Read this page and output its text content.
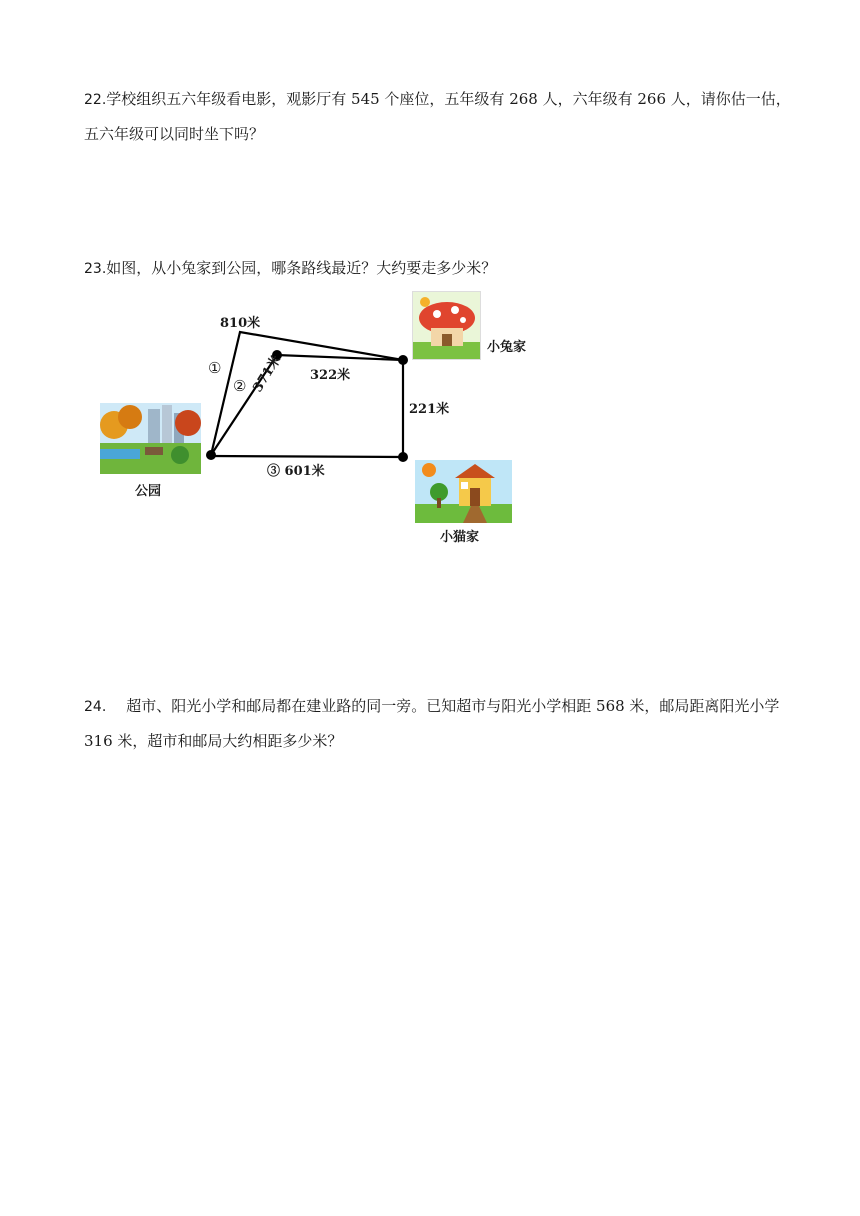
22.学校组织五六年级看电影，观影厅有 545 个座位，五年级有 268 人，六年级有 266 人，请你估一估，

五六年级可以同时坐下吗？

23.如图，从小兔家到公园，哪条路线最近？大约要走多少米？

810米
①
② 371米 322米
221米
③ 601米
公园
小兔家
小猫家

24. 超市、阳光小学和邮局都在建业路的同一旁。已知超市与阳光小学相距 568 米，邮局距离阳光小学

316 米，超市和邮局大约相距多少米？
